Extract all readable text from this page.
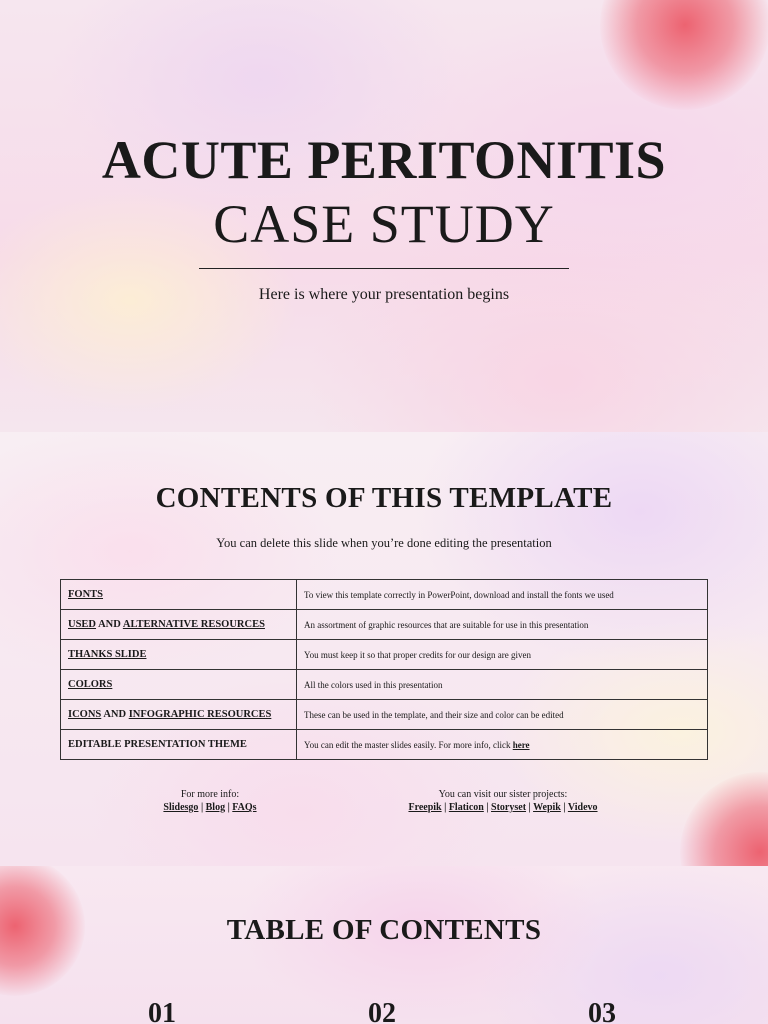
ACUTE PERITONITIS
CASE STUDY
Here is where your presentation begins
CONTENTS OF THIS TEMPLATE
You can delete this slide when you’re done editing the presentation
FONTS	To view this template correctly in PowerPoint, download and install the fonts we used
USED AND ALTERNATIVE RESOURCES	An assortment of graphic resources that are suitable for use in this presentation
THANKS SLIDE	You must keep it so that proper credits for our design are given
COLORS	All the colors used in this presentation
ICONS AND INFOGRAPHIC RESOURCES	These can be used in the template, and their size and color can be edited
EDITABLE PRESENTATION THEME	You can edit the master slides easily. For more info, click here
For more info:
Slidesgo | Blog | FAQs
You can visit our sister projects:
Freepik | Flaticon | Storyset | Wepik | Videvo
TABLE OF CONTENTS
01	02	03
